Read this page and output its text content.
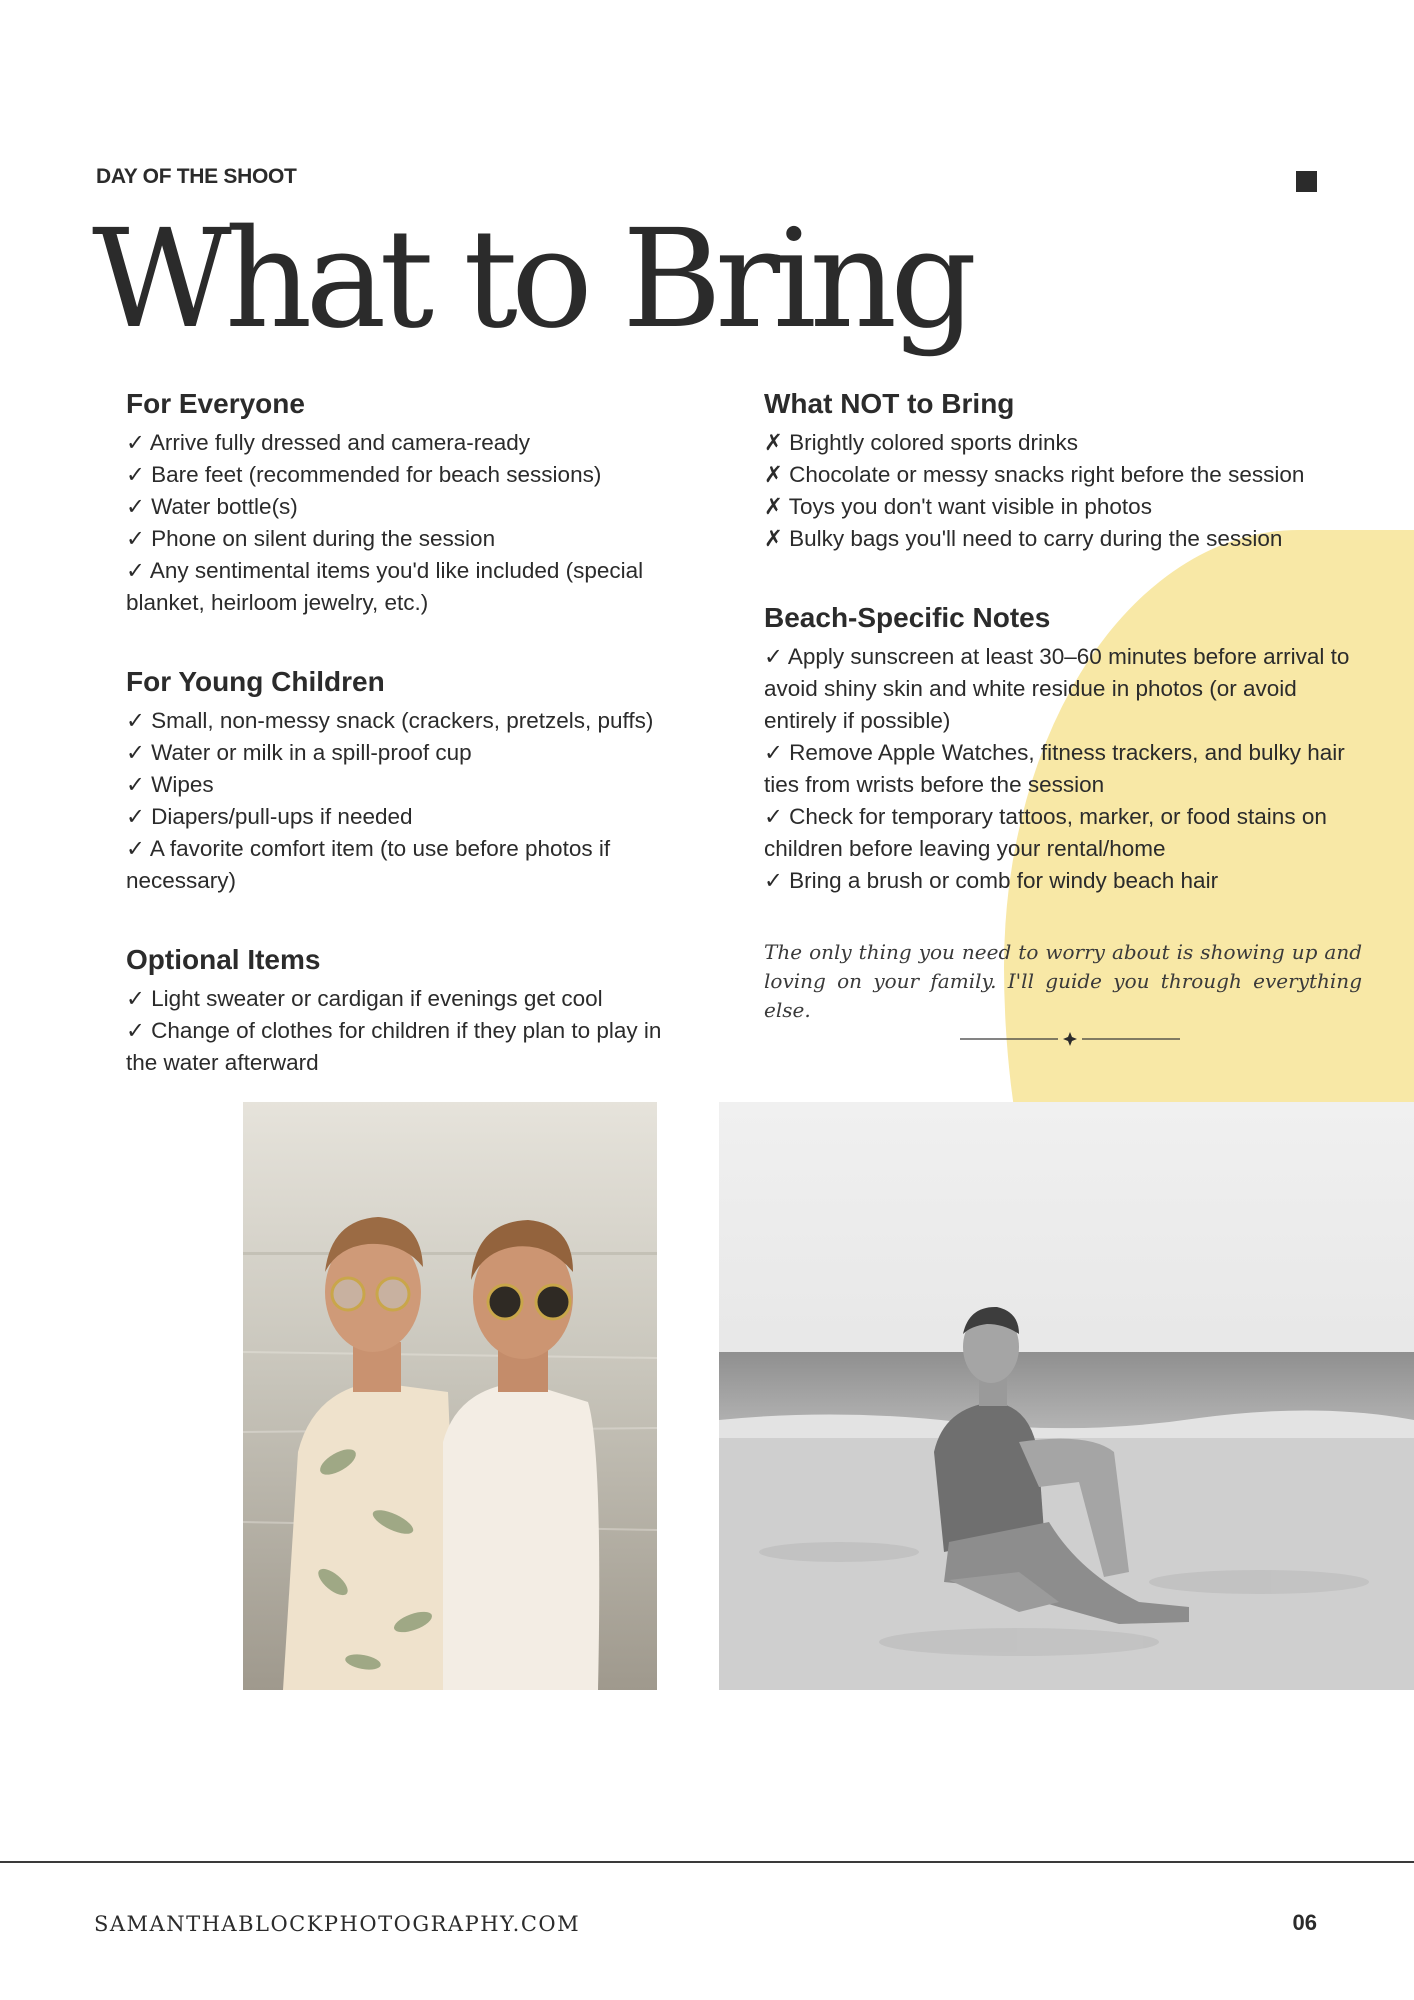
DAY OF THE SHOOT
What to Bring
For Everyone
✓ Arrive fully dressed and camera-ready
✓ Bare feet (recommended for beach sessions)
✓ Water bottle(s)
✓ Phone on silent during the session
✓ Any sentimental items you'd like included (special blanket, heirloom jewelry, etc.)
For Young Children
✓ Small, non-messy snack (crackers, pretzels, puffs)
✓ Water or milk in a spill-proof cup
✓ Wipes
✓ Diapers/pull-ups if needed
✓ A favorite comfort item (to use before photos if necessary)
Optional Items
✓ Light sweater or cardigan if evenings get cool
✓ Change of clothes for children if they plan to play in the water afterward
What NOT to Bring
✗ Brightly colored sports drinks
✗ Chocolate or messy snacks right before the session
✗ Toys you don't want visible in photos
✗ Bulky bags you'll need to carry during the session
Beach-Specific Notes
✓ Apply sunscreen at least 30–60 minutes before arrival to avoid shiny skin and white residue in photos (or avoid entirely if possible)
✓ Remove Apple Watches, fitness trackers, and bulky hair ties from wrists before the session
✓ Check for temporary tattoos, marker, or food stains on children before leaving your rental/home
✓ Bring a brush or comb for windy beach hair

The only thing you need to worry about is showing up and loving on your family. I'll guide you through everything else.

SAMANTHABLOCKPHOTOGRAPHY.COM	06
